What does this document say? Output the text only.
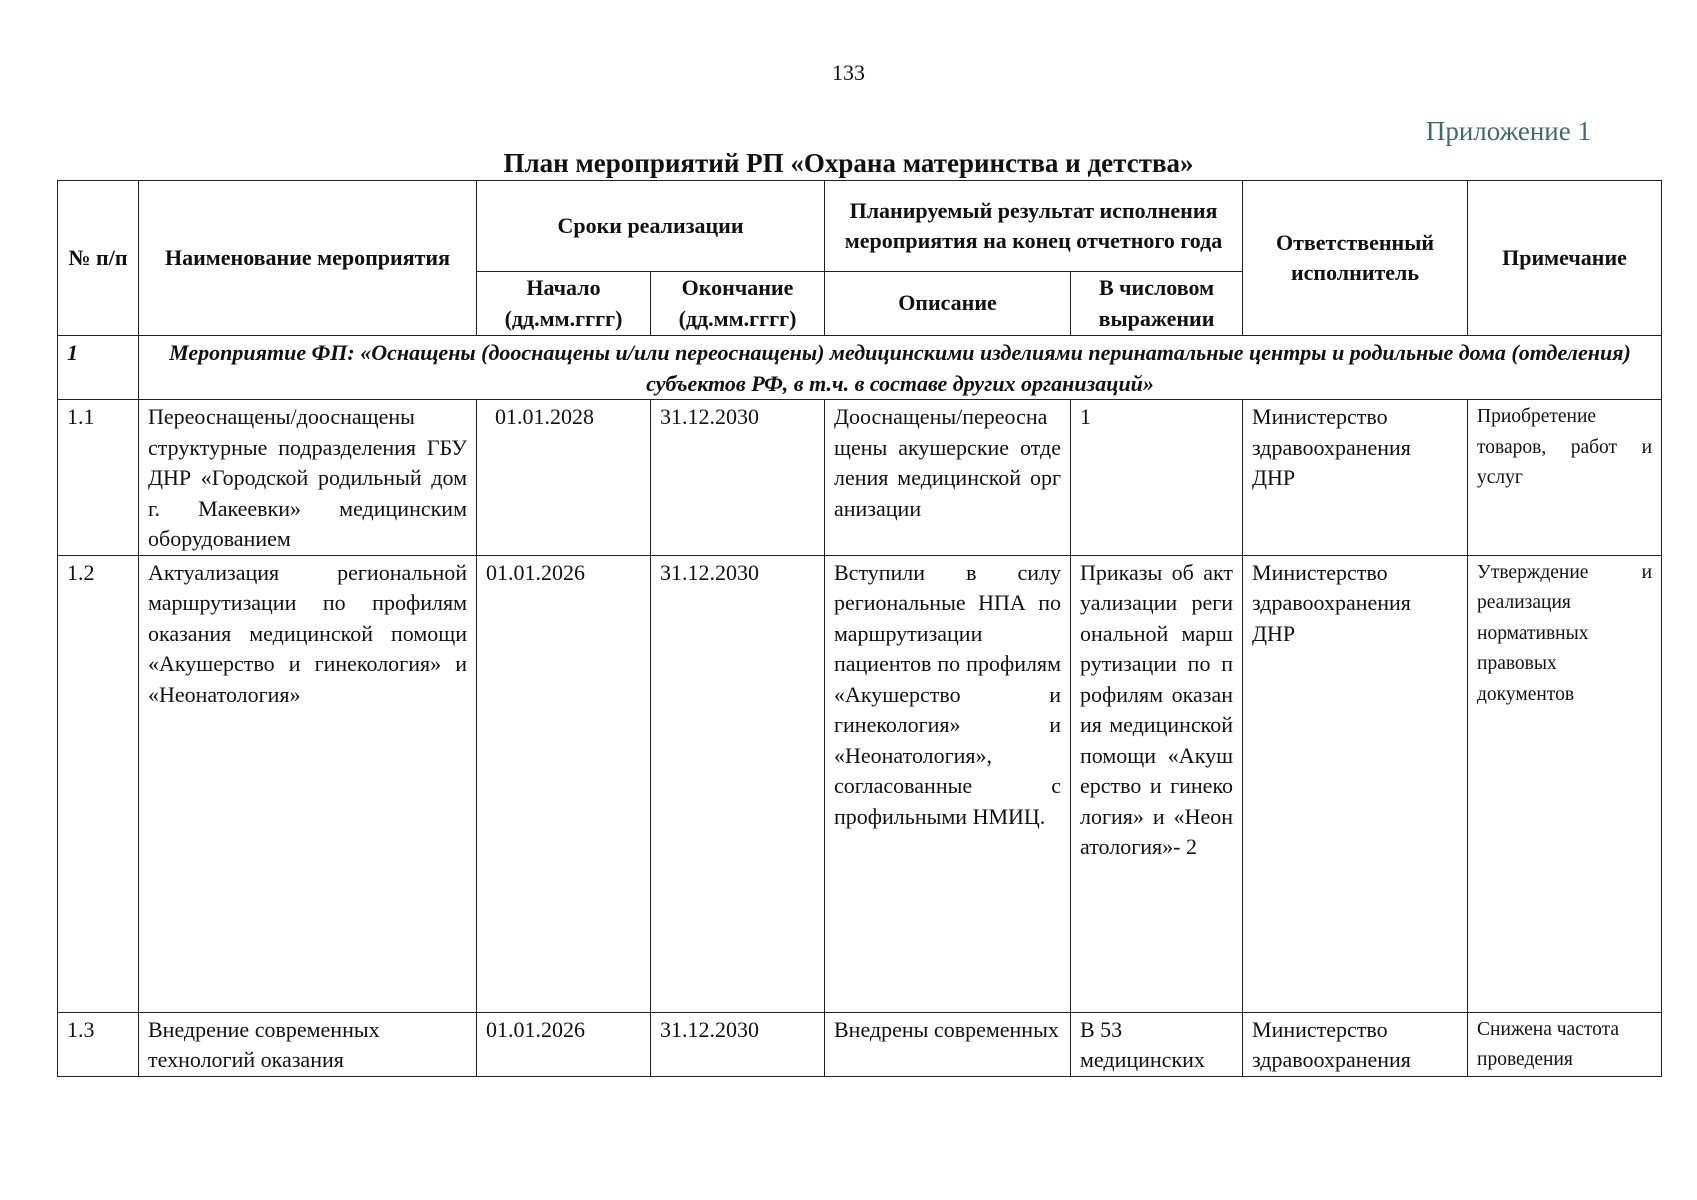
133
Приложение 1
План мероприятий РП «Охрана материнства и детства»
№ п/п	Наименование мероприятия	Сроки реализации		Планируемый результат исполнения мероприятия на конец отчетного года		Ответственный исполнитель	Примечание
		Начало (дд.мм.гггг)	Окончание (дд.мм.гггг)	Описание	В числовом выражении		
1	Мероприятие ФП: «Оснащены (дооснащены и/или переоснащены) медицинскими изделиями перинатальные центры и родильные дома (отделения) субъектов РФ, в т.ч. в составе других организаций»						
1.1	Переоснащены/дооснащены структурные подразделения ГБУ ДНР «Городской родильный дом г. Макеевки» медицинским оборудованием	01.01.2028	31.12.2030	Дооснащены/переоснащены акушерские отделения медицинской организации	1	Министерство здравоохранения ДНР	Приобретение товаров, работ и услуг
1.2	Актуализация региональной маршрутизации по профилям оказания медицинской помощи «Акушерство и гинекология» и «Неонатология»	01.01.2026	31.12.2030	Вступили в силу региональные НПА по маршрутизации пациентов по профилям «Акушерство и гинекология» и «Неонатология», согласованные с профильными НМИЦ.	Приказы об актуализации региональной маршрутизации по профилям оказания медицинской помощи «Акушерство и гинекология» и «Неонатология»- 2	Министерство здравоохранения ДНР	Утверждение и реализация нормативных правовых документов
1.3	Внедрение современных технологий оказания	01.01.2026	31.12.2030	Внедрены современных	В 53 медицинских	Министерство здравоохранения	Снижена частота проведения
